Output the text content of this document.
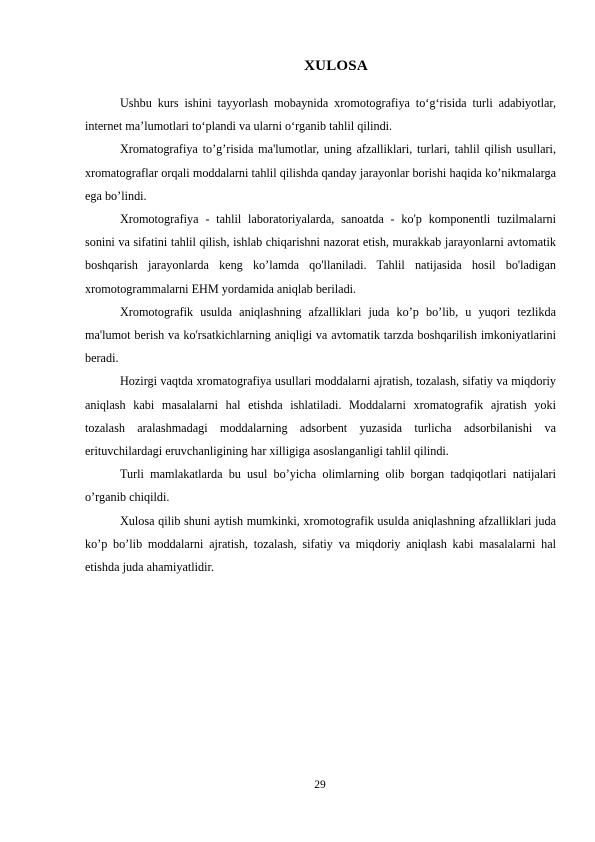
XULOSA

Ushbu kurs ishini tayyorlash mobaynida xromotografiya to‘g‘risida turli adabiyotlar, internet ma’lumotlari to‘plandi va ularni o‘rganib tahlil qilindi.

Xromatografiya to’g’risida ma'lumotlar, uning afzalliklari, turlari, tahlil qilish usullari, xromatograflar orqali moddalarni tahlil qilishda qanday jarayonlar borishi haqida ko’nikmalarga ega bo’lindi.

Xromotografiya - tahlil laboratoriyalarda, sanoatda - ko'p komponentli tuzilmalarni sonini va sifatini tahlil qilish, ishlab chiqarishni nazorat etish, murakkab jarayonlarni avtomatik boshqarish jarayonlarda keng ko’lamda qo'llaniladi. Tahlil natijasida hosil bo'ladigan xromotogrammalarni EHM yordamida aniqlab beriladi.

Xromotografik usulda aniqlashning afzalliklari juda ko’p bo’lib, u yuqori tezlikda ma'lumot berish va ko'rsatkichlarning aniqligi va avtomatik tarzda boshqarilish imkoniyatlarini beradi.

Hozirgi vaqtda xromatografiya usullari moddalarni ajratish, tozalash, sifatiy va miqdoriy aniqlash kabi masalalarni hal etishda ishlatiladi. Moddalarni xromatografik ajratish yoki tozalash aralashmadagi moddalarning adsorbent yuzasida turlicha adsorbilanishi va erituvchilardagi eruvchanligining har xilligiga asoslanganligi tahlil qilindi.

Turli mamlakatlarda bu usul bo’yicha olimlarning olib borgan tadqiqotlari natijalari o’rganib chiqildi.

Xulosa qilib shuni aytish mumkinki, xromotografik usulda aniqlashning afzalliklari juda ko’p bo’lib moddalarni ajratish, tozalash, sifatiy va miqdoriy aniqlash kabi masalalarni hal etishda juda ahamiyatlidir.

29
